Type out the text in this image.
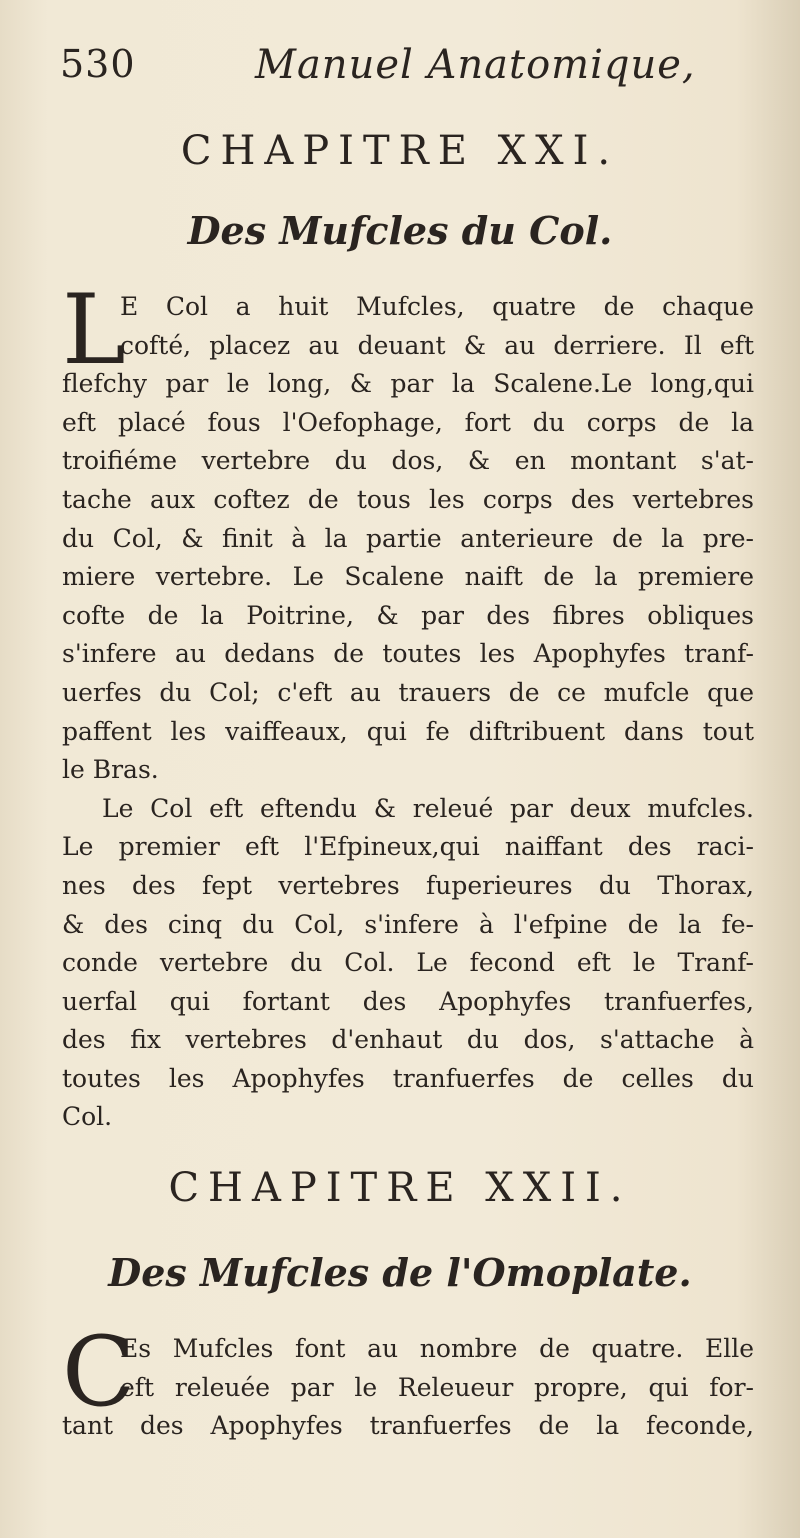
530	Manuel Anatomique,
CHAPITRE XXI.
Des Mufcles du Col.
L
E Col a huit Mufcles, quatre de chaque
cofté, placez au deuant & au derriere. Il eft
flefchy par le long, & par la Scalene.Le long,qui
eft placé fous l'Oefophage, fort du corps de la
troifiéme vertebre du dos, & en montant s'at-
tache aux coftez de tous les corps des vertebres
du Col, & finit à la partie anterieure de la pre-
miere vertebre. Le Scalene naift de la premiere
cofte de la Poitrine, & par des fibres obliques
s'infere au dedans de toutes les Apophyfes tranf-
uerfes du Col; c'eft au trauers de ce mufcle que
paffent les vaiffeaux, qui fe diftribuent dans tout
le Bras.
Le Col eft eftendu & releué par deux mufcles.
Le premier eft l'Efpineux,qui naiffant des raci-
nes des fept vertebres fuperieures du Thorax,
& des cinq du Col, s'infere à l'efpine de la fe-
conde vertebre du Col. Le fecond eft le Tranf-
uerfal qui fortant des Apophyfes tranfuerfes,
des fix vertebres d'enhaut du dos, s'attache à
toutes les Apophyfes tranfuerfes de celles du
Col.
CHAPITRE XXII.
Des Mufcles de l'Omoplate.
C
Es Mufcles font au nombre de quatre. Elle
eft releuée par le Releueur propre, qui for-
tant des Apophyfes tranfuerfes de la feconde,
